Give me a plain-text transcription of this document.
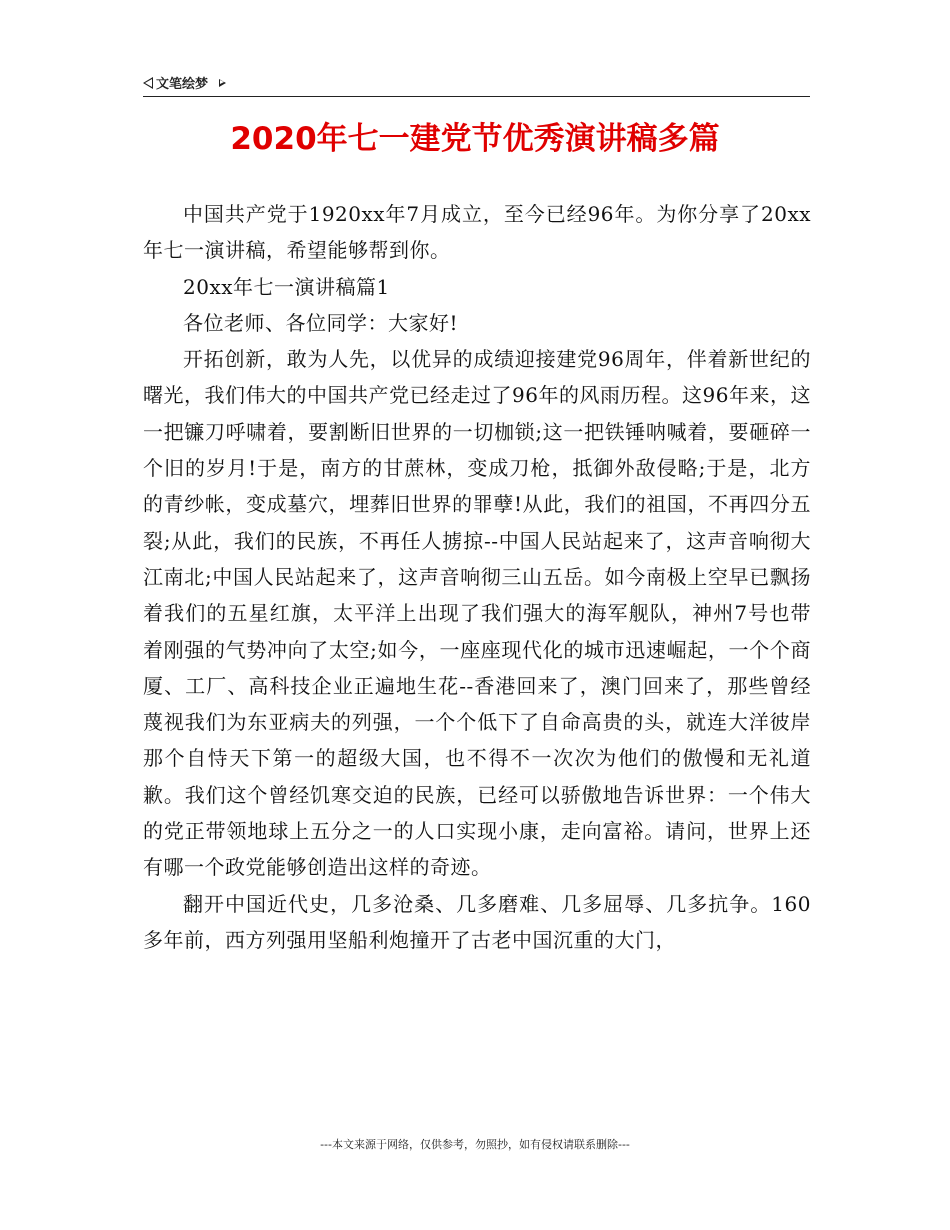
文笔绘梦
2020年七一建党节优秀演讲稿多篇

中国共产党于1920xx年7月成立，至今已经96年。为你分享了20xx年七一演讲稿，希望能够帮到你。

20xx年七一演讲稿篇1

各位老师、各位同学：大家好!

开拓创新，敢为人先，以优异的成绩迎接建党96周年，伴着新世纪的曙光，我们伟大的中国共产党已经走过了96年的风雨历程。这96年来，这一把镰刀呼啸着，要割断旧世界的一切枷锁;这一把铁锤呐喊着，要砸碎一个旧的岁月!于是，南方的甘蔗林，变成刀枪，抵御外敌侵略;于是，北方的青纱帐，变成墓穴，埋葬旧世界的罪孽!从此，我们的祖国，不再四分五裂;从此，我们的民族，不再任人掳掠--中国人民站起来了，这声音响彻大江南北;中国人民站起来了，这声音响彻三山五岳。如今南极上空早已飘扬着我们的五星红旗，太平洋上出现了我们强大的海军舰队，神州7号也带着刚强的气势冲向了太空;如今，一座座现代化的城市迅速崛起，一个个商厦、工厂、高科技企业正遍地生花--香港回来了，澳门回来了，那些曾经蔑视我们为东亚病夫的列强，一个个低下了自命高贵的头，就连大洋彼岸那个自恃天下第一的超级大国，也不得不一次次为他们的傲慢和无礼道歉。我们这个曾经饥寒交迫的民族，已经可以骄傲地告诉世界：一个伟大的党正带领地球上五分之一的人口实现小康，走向富裕。请问，世界上还有哪一个政党能够创造出这样的奇迹。

翻开中国近代史，几多沧桑、几多磨难、几多屈辱、几多抗争。160多年前，西方列强用坚船利炮撞开了古老中国沉重的大门，

---本文来源于网络，仅供参考，勿照抄，如有侵权请联系删除---
